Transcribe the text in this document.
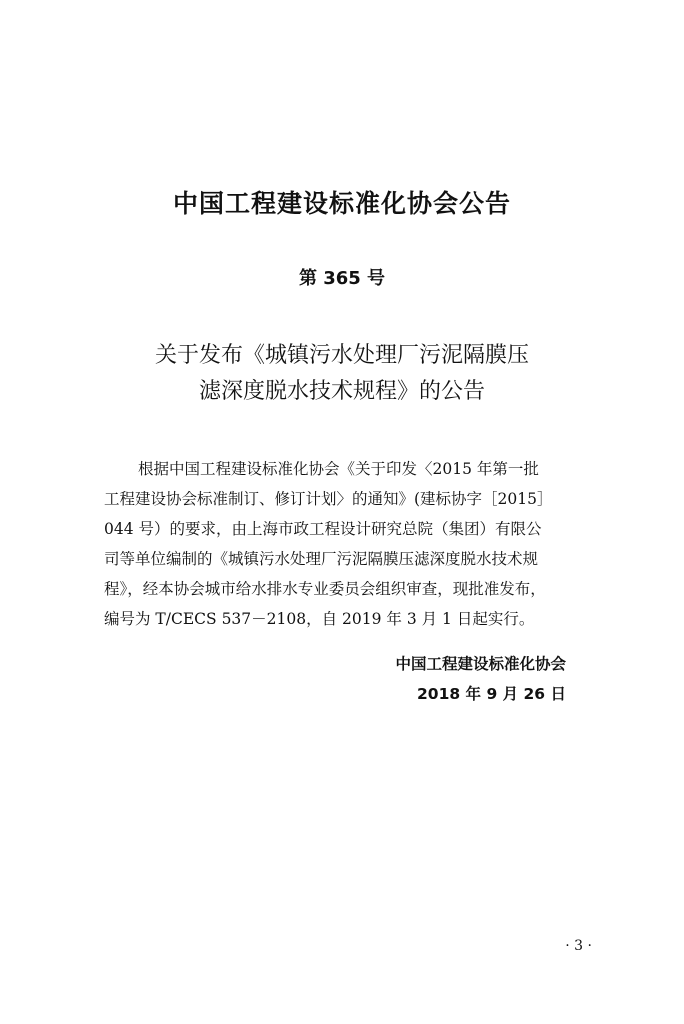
中国工程建设标准化协会公告
第 365 号
关于发布《城镇污水处理厂污泥隔膜压
滤深度脱水技术规程》的公告
根据中国工程建设标准化协会《关于印发〈2015 年第一批
工程建设协会标准制订、修订计划〉的通知》(建标协字［2015］
044 号）的要求，由上海市政工程设计研究总院（集团）有限公
司等单位编制的《城镇污水处理厂污泥隔膜压滤深度脱水技术规
程》，经本协会城市给水排水专业委员会组织审查，现批准发布，
编号为 T/CECS 537－2108，自 2019 年 3 月 1 日起实行。
中国工程建设标准化协会
2018 年 9 月 26 日
· 3 ·
